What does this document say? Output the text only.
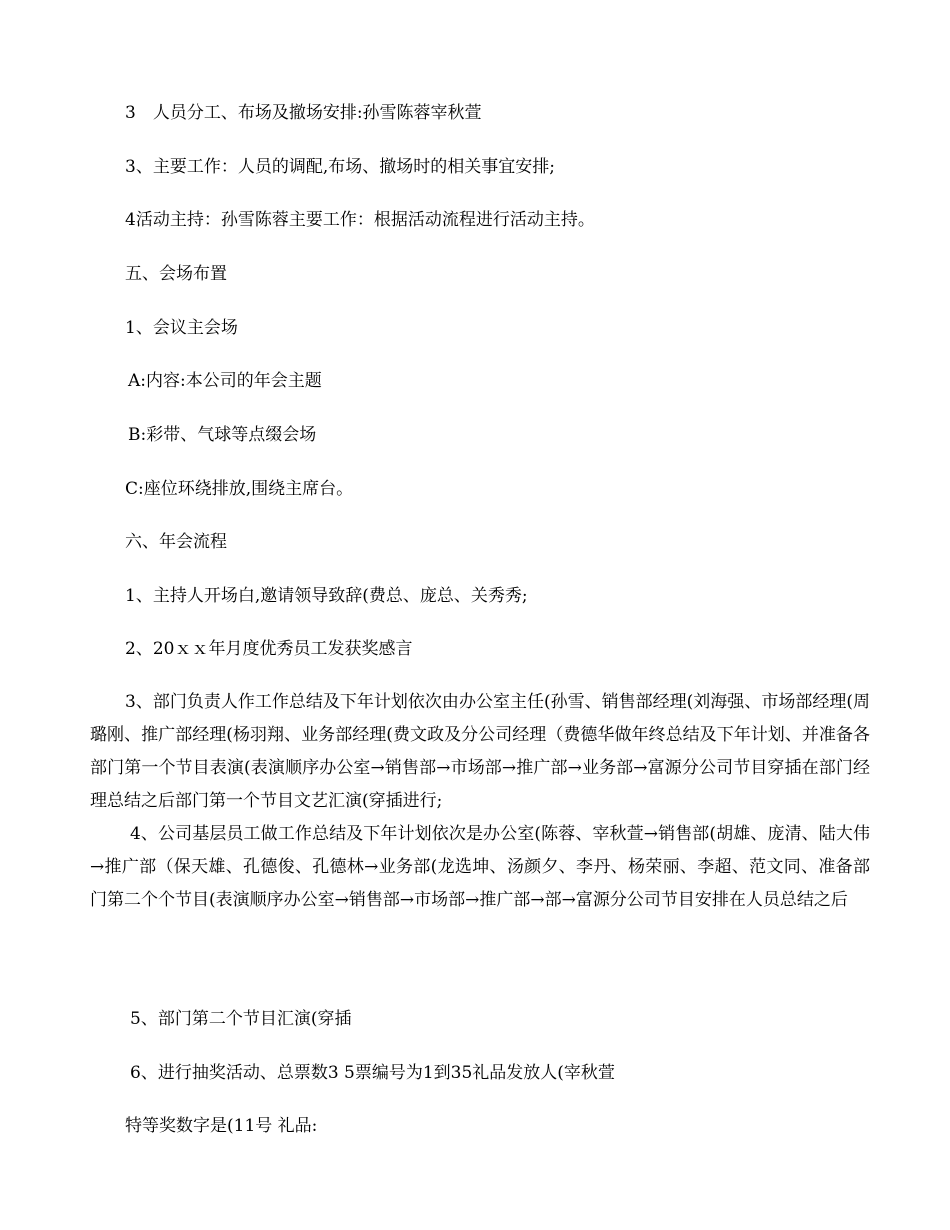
3　人员分工、布场及撤场安排:孙雪陈蓉宰秋萱
3、主要工作：人员的调配,布场、撤场时的相关事宜安排;
4活动主持：孙雪陈蓉主要工作：根据活动流程进行活动主持。
五、会场布置
1、会议主会场
A:内容:本公司的年会主题
B:彩带、气球等点缀会场
C:座位环绕排放,围绕主席台。
六、年会流程
1、主持人开场白,邀请领导致辞(费总、庞总、关秀秀;
2、20ｘｘ年月度优秀员工发获奖感言
3、部门负责人作工作总结及下年计划依次由办公室主任(孙雪、销售部经理(刘海强、市场部经理(周璐刚、推广部经理(杨羽翔、业务部经理(费文政及分公司经理（费德华做年终总结及下年计划、并准备各部门第一个节目表演(表演顺序办公室→销售部→市场部→推广部→业务部→富源分公司节目穿插在部门经理总结之后部门第一个节目文艺汇演(穿插进行;
4、公司基层员工做工作总结及下年计划依次是办公室(陈蓉、宰秋萱→销售部(胡雄、庞清、陆大伟→推广部（保天雄、孔德俊、孔德林→业务部(龙选坤、汤颜夕、李丹、杨荣丽、李超、范文同、准备部门第二个个节目(表演顺序办公室→销售部→市场部→推广部→部→富源分公司节目安排在人员总结之后
5、部门第二个节目汇演(穿插
6、进行抽奖活动、总票数3 5票编号为1到35礼品发放人(宰秋萱
特等奖数字是(11号 礼品:
